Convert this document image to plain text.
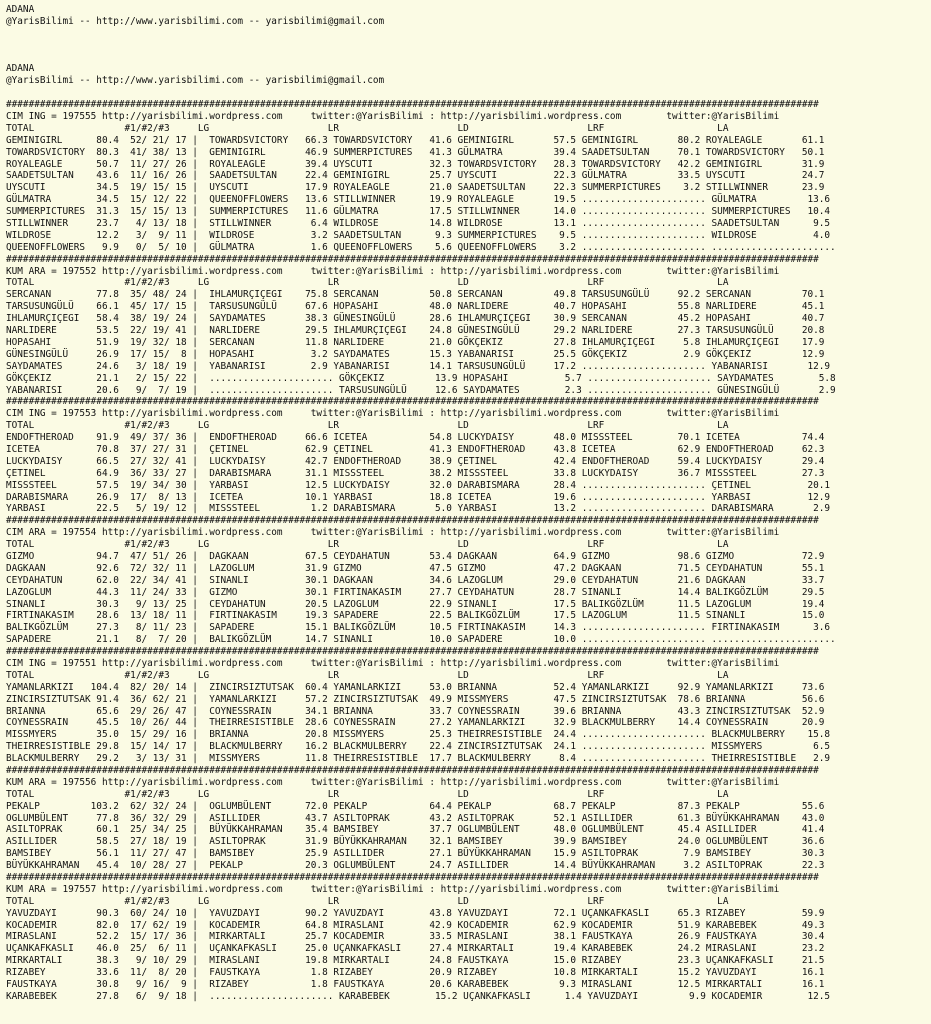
ADANA
@YarisBilimi -- http://www.yarisbilimi.com -- yarisbilimi@gmail.com

ADANA
@YarisBilimi -- http://www.yarisbilimi.com -- yarisbilimi@gmail.com

################################################################################################################################################
CIM ING = 197555 http://yarisbilimi.wordpress.com     twitter:@YarisBilimi : http://yarisbilimi.wordpress.com        twitter:@YarisBilimi
TOTAL                #1/#2/#3     LG                     LR                     LD                     LRF                    LA
GEMINIGIRL      80.4  52/ 21/ 17 |  TOWARDSVICTORY   66.3 TOWARDSVICTORY   41.6 GEMINIGIRL       57.5 GEMINIGIRL       80.2 ROYALEAGLE       61.1
TOWARDSVICTORY  80.3  41/ 38/ 13 |  GEMINIGIRL       46.9 SUMMERPICTURES   41.3 GÜLMATRA         39.4 SAADETSULTAN     70.1 TOWARDSVICTORY   50.1
ROYALEAGLE      50.7  11/ 27/ 26 |  ROYALEAGLE       39.4 UYSCUTI          32.3 TOWARDSVICTORY   28.3 TOWARDSVICTORY   42.2 GEMINIGIRL       31.9
SAADETSULTAN    43.6  11/ 16/ 26 |  SAADETSULTAN     22.4 GEMINIGIRL       25.7 UYSCUTI          22.3 GÜLMATRA         33.5 UYSCUTI          24.7
UYSCUTI         34.5  19/ 15/ 15 |  UYSCUTI          17.9 ROYALEAGLE       21.0 SAADETSULTAN     22.3 SUMMERPICTURES    3.2 STILLWINNER      23.9
GÜLMATRA        34.5  15/ 12/ 22 |  QUEENOFFLOWERS   13.6 STILLWINNER      19.9 ROYALEAGLE       19.5 ...................... GÜLMATRA         13.6
SUMMERPICTURES  31.3  15/ 15/ 13 |  SUMMERPICTURES   11.6 GÜLMATRA         17.5 STILLWINNER      14.0 ...................... SUMMERPICTURES   10.4
STILLWINNER     23.7   4/ 13/ 18 |  STILLWINNER       6.4 WILDROSE         14.8 WILDROSE         13.1 ...................... SAADETSULTAN      9.5
WILDROSE        12.2   3/  9/ 11 |  WILDROSE          3.2 SAADETSULTAN      9.3 SUMMERPICTURES    9.5 ...................... WILDROSE          4.0
QUEENOFFLOWERS   9.9   0/  5/ 10 |  GÜLMATRA          1.6 QUEENOFFLOWERS    5.6 QUEENOFFLOWERS    3.2 ...................... ......................
################################################################################################################################################
KUM ARA = 197552 http://yarisbilimi.wordpress.com     twitter:@YarisBilimi : http://yarisbilimi.wordpress.com        twitter:@YarisBilimi
TOTAL                #1/#2/#3     LG                     LR                     LD                     LRF                    LA
SERCANAN        77.8  35/ 48/ 24 |  IHLAMURÇIÇEGI    75.8 SERCANAN         50.8 SERCANAN         49.8 TARSUSUNGÜLÜ     92.2 SERCANAN         70.1
TARSUSUNGÜLÜ    66.1  45/ 17/ 15 |  TARSUSUNGÜLÜ     67.6 HOPASAHI         48.0 NARLIDERE        40.7 HOPASAHI         55.8 NARLIDERE        45.1
IHLAMURÇIÇEGI   58.4  38/ 19/ 24 |  SAYDAMATES       38.3 GÜNESINGÜLÜ      28.6 IHLAMURÇIÇEGI    30.9 SERCANAN         45.2 HOPASAHI         40.7
NARLIDERE       53.5  22/ 19/ 41 |  NARLIDERE        29.5 IHLAMURÇIÇEGI    24.8 GÜNESINGÜLÜ      29.2 NARLIDERE        27.3 TARSUSUNGÜLÜ     20.8
HOPASAHI        51.9  19/ 32/ 18 |  SERCANAN         11.8 NARLIDERE        21.0 GÖKÇEKIZ         27.8 IHLAMURÇIÇEGI     5.8 IHLAMURÇIÇEGI    17.9
GÜNESINGÜLÜ     26.9  17/ 15/  8 |  HOPASAHI          3.2 SAYDAMATES       15.3 YABANARISI       25.5 GÖKÇEKIZ          2.9 GÖKÇEKIZ         12.9
SAYDAMATES      24.6   3/ 18/ 19 |  YABANARISI        2.9 YABANARISI       14.1 TARSUSUNGÜLÜ     17.2 ...................... YABANARISI       12.9
GÖKÇEKIZ        21.1   2/ 15/ 22 |  ...................... GÖKÇEKIZ         13.9 HOPASAHI          5.7 ...................... SAYDAMATES        5.8
YABANARISI      20.6   9/  7/ 19 |  ...................... TARSUSUNGÜLÜ     12.6 SAYDAMATES        2.3 ...................... GÜNESINGÜLÜ       2.9
################################################################################################################################################
CIM ING = 197553 http://yarisbilimi.wordpress.com     twitter:@YarisBilimi : http://yarisbilimi.wordpress.com        twitter:@YarisBilimi
TOTAL                #1/#2/#3     LG                     LR                     LD                     LRF                    LA
ENDOFTHEROAD    91.9  49/ 37/ 36 |  ENDOFTHEROAD     66.6 ICETEA           54.8 LUCKYDAISY       48.0 MISSSTEEL        70.1 ICETEA           74.4
ICETEA          70.8  37/ 27/ 31 |  ÇETINEL          62.9 ÇETINEL          41.3 ENDOFTHEROAD     43.8 ICETEA           62.9 ENDOFTHEROAD     62.3
LUCKYDAISY      66.5  27/ 32/ 41 |  LUCKYDAISY       42.7 ENDOFTHEROAD     38.9 ÇETINEL          42.4 ENDOFTHEROAD     59.4 LUCKYDAISY       29.4
ÇETINEL         64.9  36/ 33/ 27 |  DARABISMARA      31.1 MISSSTEEL        38.2 MISSSTEEL        33.8 LUCKYDAISY       36.7 MISSSTEEL        27.3
MISSSTEEL       57.5  19/ 34/ 30 |  YARBASI          12.5 LUCKYDAISY       32.0 DARABISMARA      28.4 ...................... ÇETINEL          20.1
DARABISMARA     26.9  17/  8/ 13 |  ICETEA           10.1 YARBASI          18.8 ICETEA           19.6 ...................... YARBASI          12.9
YARBASI         22.5   5/ 19/ 12 |  MISSSTEEL         1.2 DARABISMARA       5.0 YARBASI          13.2 ...................... DARABISMARA       2.9
################################################################################################################################################
CIM ARA = 197554 http://yarisbilimi.wordpress.com     twitter:@YarisBilimi : http://yarisbilimi.wordpress.com        twitter:@YarisBilimi
TOTAL                #1/#2/#3     LG                     LR                     LD                     LRF                    LA
GIZMO           94.7  47/ 51/ 26 |  DAGKAAN          67.5 CEYDAHATUN       53.4 DAGKAAN          64.9 GIZMO            98.6 GIZMO            72.9
DAGKAAN         92.6  72/ 32/ 11 |  LAZOGLUM         31.9 GIZMO            47.5 GIZMO            47.2 DAGKAAN          71.5 CEYDAHATUN       55.1
CEYDAHATUN      62.0  22/ 34/ 41 |  SINANLI          30.1 DAGKAAN          34.6 LAZOGLUM         29.0 CEYDAHATUN       21.6 DAGKAAN          33.7
LAZOGLUM        44.3  11/ 24/ 33 |  GIZMO            30.1 FIRTINAKASIM     27.7 CEYDAHATUN       28.7 SINANLI          14.4 BALIKGÖZLÜM      29.5
SINANLI         30.3   9/ 13/ 25 |  CEYDAHATUN       20.5 LAZOGLUM         22.9 SINANLI          17.5 BALIKGÖZLÜM      11.5 LAZOGLUM         19.4
FIRTINAKASIM    28.6  13/ 18/ 11 |  FIRTINAKASIM     19.3 SAPADERE         22.5 BALIKGÖZLÜM      17.5 LAZOGLUM         11.5 SINANLI          15.0
BALIKGÖZLÜM     27.3   8/ 11/ 23 |  SAPADERE         15.1 BALIKGÖZLÜM      10.5 FIRTINAKASIM     14.3 ...................... FIRTINAKASIM      3.6
SAPADERE        21.1   8/  7/ 20 |  BALIKGÖZLÜM      14.7 SINANLI          10.0 SAPADERE         10.0 ...................... ......................
################################################################################################################################################
CIM ING = 197551 http://yarisbilimi.wordpress.com     twitter:@YarisBilimi : http://yarisbilimi.wordpress.com        twitter:@YarisBilimi
TOTAL                #1/#2/#3     LG                     LR                     LD                     LRF                    LA
YAMANLARKIZI   104.4  82/ 20/ 14 |  ZINCIRSIZTUTSAK  60.4 YAMANLARKIZI     53.0 BRIANNA          52.4 YAMANLARKIZI     92.9 YAMANLARKIZI     73.6
ZINCIRSIZTUTSAK 91.4  36/ 62/ 21 |  YAMANLARKIZI     57.2 ZINCIRSIZTUTSAK  49.9 MISSMYERS        47.5 ZINCIRSIZTUTSAK  78.6 BRIANNA          56.6
BRIANNA         65.6  29/ 26/ 47 |  COYNESSRAIN      34.1 BRIANNA          33.7 COYNESSRAIN      39.6 BRIANNA          43.3 ZINCIRSIZTUTSAK  52.9
COYNESSRAIN     45.5  10/ 26/ 44 |  THEIRRESISTIBLE  28.6 COYNESSRAIN      27.2 YAMANLARKIZI     32.9 BLACKMULBERRY    14.4 COYNESSRAIN      20.9
MISSMYERS       35.0  15/ 29/ 16 |  BRIANNA          20.8 MISSMYERS        25.3 THEIRRESISTIBLE  24.4 ...................... BLACKMULBERRY    15.8
THEIRRESISTIBLE 29.8  15/ 14/ 17 |  BLACKMULBERRY    16.2 BLACKMULBERRY    22.4 ZINCIRSIZTUTSAK  24.1 ...................... MISSMYERS         6.5
BLACKMULBERRY   29.2   3/ 13/ 31 |  MISSMYERS        11.8 THEIRRESISTIBLE  17.7 BLACKMULBERRY     8.4 ...................... THEIRRESISTIBLE   2.9
################################################################################################################################################
KUM ARA = 197556 http://yarisbilimi.wordpress.com     twitter:@YarisBilimi : http://yarisbilimi.wordpress.com        twitter:@YarisBilimi
TOTAL                #1/#2/#3     LG                     LR                     LD                     LRF                    LA
PEKALP         103.2  62/ 32/ 24 |  OGLUMBÜLENT      72.0 PEKALP           64.4 PEKALP           68.7 PEKALP           87.3 PEKALP           55.6
OGLUMBÜLENT     77.8  36/ 32/ 29 |  ASILLIDER        43.7 ASILTOPRAK       43.2 ASILTOPRAK       52.1 ASILLIDER        61.3 BÜYÜKKAHRAMAN    43.0
ASILTOPRAK      60.1  25/ 34/ 25 |  BÜYÜKKAHRAMAN    35.4 BAMSIBEY         37.7 OGLUMBÜLENT      48.0 OGLUMBÜLENT      45.4 ASILLIDER        41.4
ASILLIDER       58.5  27/ 18/ 19 |  ASILTOPRAK       31.9 BÜYÜKKAHRAMAN    32.1 BAMSIBEY         39.9 BAMSIBEY         24.0 OGLUMBÜLENT      36.6
BAMSIBEY        56.1  11/ 27/ 47 |  BAMSIBEY         25.9 ASILLIDER        27.1 BÜYÜKKAHRAMAN    15.9 ASILTOPRAK        7.9 BAMSIBEY         30.3
BÜYÜKKAHRAMAN   45.4  10/ 28/ 27 |  PEKALP           20.3 OGLUMBÜLENT      24.7 ASILLIDER        14.4 BÜYÜKKAHRAMAN     3.2 ASILTOPRAK       22.3
################################################################################################################################################
KUM ARA = 197557 http://yarisbilimi.wordpress.com     twitter:@YarisBilimi : http://yarisbilimi.wordpress.com        twitter:@YarisBilimi
TOTAL                #1/#2/#3     LG                     LR                     LD                     LRF                    LA
YAVUZDAYI       90.3  60/ 24/ 10 |  YAVUZDAYI        90.2 YAVUZDAYI        43.8 YAVUZDAYI        72.1 UÇANKAFKASLI     65.3 RIZABEY          59.9
KOCADEMIR       82.0  17/ 62/ 19 |  KOCADEMIR        64.8 MIRASLANI        42.9 KOCADEMIR        62.9 KOCADEMIR        51.9 KARABEBEK        49.3
MIRASLANI       52.2  15/ 17/ 36 |  MIRKARTALI       25.7 KOCADEMIR        33.5 MIRASLANI        38.1 FAUSTKAYA        26.9 FAUSTKAYA        30.4
UÇANKAFKASLI    46.0  25/  6/ 11 |  UÇANKAFKASLI     25.0 UÇANKAFKASLI     27.4 MIRKARTALI       19.4 KARABEBEK        24.2 MIRASLANI        23.2
MIRKARTALI      38.3   9/ 10/ 29 |  MIRASLANI        19.8 MIRKARTALI       24.8 FAUSTKAYA        15.0 RIZABEY          23.3 UÇANKAFKASLI     21.5
RIZABEY         33.6  11/  8/ 20 |  FAUSTKAYA         1.8 RIZABEY          20.9 RIZABEY          10.8 MIRKARTALI       15.2 YAVUZDAYI        16.1
FAUSTKAYA       30.8   9/ 16/  9 |  RIZABEY           1.8 FAUSTKAYA        20.6 KARABEBEK         9.3 MIRASLANI        12.5 MIRKARTALI       16.1
KARABEBEK       27.8   6/  9/ 18 |  ...................... KARABEBEK        15.2 UÇANKAFKASLI      1.4 YAVUZDAYI         9.9 KOCADEMIR        12.5
